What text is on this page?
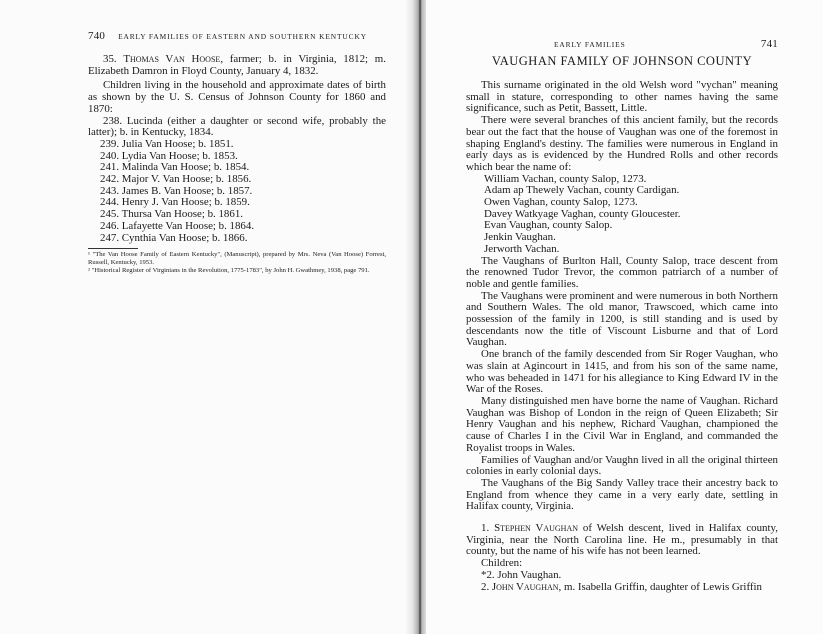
740 EARLY FAMILIES OF EASTERN AND SOUTHERN KENTUCKY

35. Thomas Van Hoose, farmer; b. in Virginia, 1812; m. Elizabeth Damron in Floyd County, January 4, 1832.

Children living in the household and approximate dates of birth as shown by the U. S. Census of Johnson County for 1860 and 1870:

238. Lucinda (either a daughter or second wife, probably the latter); b. in Kentucky, 1834.

239. Julia Van Hoose; b. 1851.

240. Lydia Van Hoose; b. 1853.

241. Malinda Van Hoose; b. 1854.

242. Major V. Van Hoose; b. 1856.

243. James B. Van Hoose; b. 1857.

244. Henry J. Van Hoose; b. 1859.

245. Thursa Van Hoose; b. 1861.

246. Lafayette Van Hoose; b. 1864.

247. Cynthia Van Hoose; b. 1866.

¹ "The Van Hoose Family of Eastern Kentucky", (Manuscript), prepared by Mrs. Neva (Van Hoose) Forrest, Russell, Kentucky, 1953.

² "Historical Register of Virginians in the Revolution, 1775-1783", by John H. Gwathmey, 1938, page 791.

EARLY FAMILIES	741
VAUGHAN FAMILY OF JOHNSON COUNTY

This surname originated in the old Welsh word "vychan" meaning small in stature, corresponding to other names having the same significance, such as Petit, Bassett, Little.

There were several branches of this ancient family, but the records bear out the fact that the house of Vaughan was one of the foremost in shaping England's destiny. The families were numerous in England in early days as is evidenced by the Hundred Rolls and other records which bear the name of:

William Vachan, county Salop, 1273.

Adam ap Thewely Vachan, county Cardigan.

Owen Vaghan, county Salop, 1273.

Davey Watkyage Vaghan, county Gloucester.

Evan Vaughan, county Salop.

Jenkin Vaughan.

Jerworth Vachan.

The Vaughans of Burlton Hall, County Salop, trace descent from the renowned Tudor Trevor, the common patriarch of a number of noble and gentle families.

The Vaughans were prominent and were numerous in both Northern and Southern Wales. The old manor, Trawscoed, which came into possession of the family in 1200, is still standing and is used by descendants now the title of Viscount Lisburne and that of Lord Vaughan.

One branch of the family descended from Sir Roger Vaughan, who was slain at Agincourt in 1415, and from his son of the same name, who was beheaded in 1471 for his allegiance to King Edward IV in the War of the Roses.

Many distinguished men have borne the name of Vaughan. Richard Vaughan was Bishop of London in the reign of Queen Elizabeth; Sir Henry Vaughan and his nephew, Richard Vaughan, championed the cause of Charles I in the Civil War in England, and commanded the Royalist troops in Wales.

Families of Vaughan and/or Vaughn lived in all the original thirteen colonies in early colonial days.

The Vaughans of the Big Sandy Valley trace their ancestry back to England from whence they came in a very early date, settling in Halifax county, Virginia.

1. Stephen Vaughan of Welsh descent, lived in Halifax county, Virginia, near the North Carolina line. He m., presumably in that county, but the name of his wife has not been learned.

Children:

*2. John Vaughan.

2. John Vaughan, m. Isabella Griffin, daughter of Lewis Griffin
